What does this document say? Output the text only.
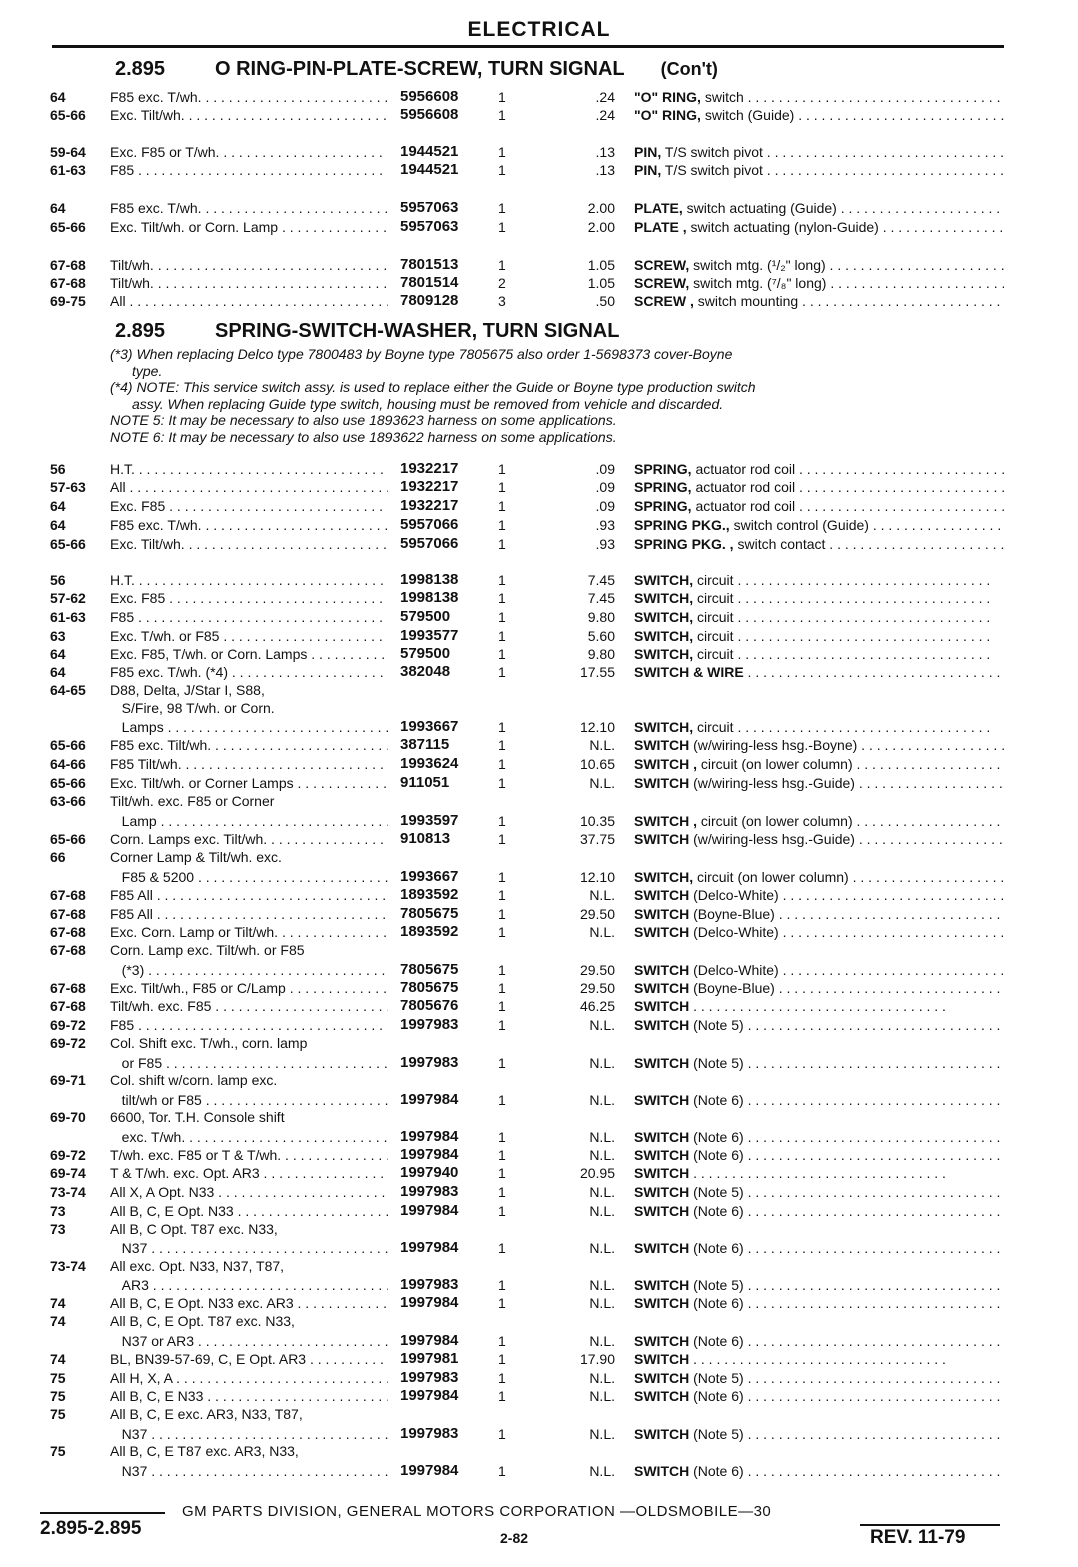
ELECTRICAL
2.895 O RING-PIN-PLATE-SCREW, TURN SIGNAL (Con't)
2.895 SPRING-SWITCH-WASHER, TURN SIGNAL
(*3) When replacing Delco type 7800483 by Boyne type 7805675 also order 1-5698373 cover-Boyne
type.
(*4) NOTE: This service switch assy. is used to replace either the Guide or Boyne type production switch
assy. When replacing Guide type switch, housing must be removed from vehicle and discarded.
NOTE 5: It may be necessary to also use 1893623 harness on some applications.
NOTE 6: It may be necessary to also use 1893622 harness on some applications.
64	F85 exc. T/wh. . . .	5956608	1	.24 "O" RING, switch . . .
65-66	Exc. Tilt/wh. . . .	5956608	1	.24 "O" RING, switch (Guide) . . .
59-64	Exc. F85 or T/wh. . . .	1944521	1	.13 PIN, T/S switch pivot . . .
61-63	F85 . . .	1944521	1	.13 PIN, T/S switch pivot . . .
64	F85 exc. T/wh. . . .	5957063	1	2.00 PLATE, switch actuating (Guide) . . .
65-66	Exc. Tilt/wh. or Corn. Lamp . . .	5957063	1	2.00 PLATE , switch actuating (nylon-Guide) . . .
67-68	Tilt/wh. . . .	7801513	1	1.05 SCREW, switch mtg. (¹/₂" long) . . .
67-68	Tilt/wh. . . .	7801514	2	1.05 SCREW, switch mtg. (⁷/₈" long) . . .
69-75	All . . .	7809128	3	.50 SCREW , switch mounting . . .
56	H.T. . . .	1932217	1	.09 SPRING, actuator rod coil . . .
57-63	All . . .	1932217	1	.09 SPRING, actuator rod coil . . .
64	Exc. F85 . . .	1932217	1	.09 SPRING, actuator rod coil . . .
64	F85 exc. T/wh. . . .	5957066	1	.93 SPRING PKG., switch control (Guide) . . .
65-66	Exc. Tilt/wh. . . .	5957066	1	.93 SPRING PKG. , switch contact . . .
56	H.T. . . .	1998138	1	7.45 SWITCH, circuit . . .
57-62	Exc. F85 . . .	1998138	1	7.45 SWITCH, circuit . . .
61-63	F85 . . .	579500	1	9.80 SWITCH, circuit . . .
63	Exc. T/wh. or F85 . . .	1993577	1	5.60 SWITCH, circuit . . .
64	Exc. F85, T/wh. or Corn. Lamps . . .	579500	1	9.80 SWITCH, circuit . . .
64	F85 exc. T/wh. (*4) . . .	382048	1	17.55 SWITCH & WIRE . . .
64-65	D88, Delta, J/Star I, S88,
S/Fire, 98 T/wh. or Corn.
Lamps . . .	1993667	1	12.10 SWITCH, circuit . . .
65-66	F85 exc. Tilt/wh. . . .	387115	1	N.L. SWITCH (w/wiring-less hsg.-Boyne) . . .
64-66	F85 Tilt/wh. . . .	1993624	1	10.65 SWITCH , circuit (on lower column) . . .
65-66	Exc. Tilt/wh. or Corner Lamps . . .	911051	1	N.L. SWITCH (w/wiring-less hsg.-Guide) . . .
63-66	Tilt/wh. exc. F85 or Corner
Lamp . . .	1993597	1	10.35 SWITCH , circuit (on lower column) . . .
65-66	Corn. Lamps exc. Tilt/wh. . . .	910813	1	37.75 SWITCH (w/wiring-less hsg.-Guide) . . .
66	Corner Lamp & Tilt/wh. exc.
F85 & 5200 . . .	1993667	1	12.10 SWITCH, circuit (on lower column) . . .
67-68	F85 All . . .	1893592	1	N.L. SWITCH (Delco-White) . . .
67-68	F85 All . . .	7805675	1	29.50 SWITCH (Boyne-Blue) . . .
67-68	Exc. Corn. Lamp or Tilt/wh. . . .	1893592	1	N.L. SWITCH (Delco-White) . . .
67-68	Corn. Lamp exc. Tilt/wh. or F85
(*3) . . .	7805675	1	29.50 SWITCH (Delco-White) . . .
67-68	Exc. Tilt/wh., F85 or C/Lamp . . .	7805675	1	29.50 SWITCH (Boyne-Blue) . . .
67-68	Tilt/wh. exc. F85 . . .	7805676	1	46.25 SWITCH . . .
69-72	F85 . . .	1997983	1	N.L. SWITCH (Note 5) . . .
69-72	Col. Shift exc. T/wh., corn. lamp
or F85 . . .	1997983	1	N.L. SWITCH (Note 5) . . .
69-71	Col. shift w/corn. lamp exc.
tilt/wh or F85 . . .	1997984	1	N.L. SWITCH (Note 6) . . .
69-70	6600, Tor. T.H. Console shift
exc. T/wh. . . .	1997984	1	N.L. SWITCH (Note 6) . . .
69-72	T/wh. exc. F85 or T & T/wh. . . .	1997984	1	N.L. SWITCH (Note 6) . . .
69-74	T & T/wh. exc. Opt. AR3 . . .	1997940	1	20.95 SWITCH . . .
73-74	All X, A Opt. N33 . . .	1997983	1	N.L. SWITCH (Note 5) . . .
73	All B, C, E Opt. N33 . . .	1997984	1	N.L. SWITCH (Note 6) . . .
73	All B, C Opt. T87 exc. N33,
N37 . . .	1997984	1	N.L. SWITCH (Note 6) . . .
73-74	All exc. Opt. N33, N37, T87,
AR3 . . .	1997983	1	N.L. SWITCH (Note 5) . . .
74	All B, C, E Opt. N33 exc. AR3 . . .	1997984	1	N.L. SWITCH (Note 6) . . .
74	All B, C, E Opt. T87 exc. N33,
N37 or AR3 . . .	1997984	1	N.L. SWITCH (Note 6) . . .
74	BL, BN39-57-69, C, E Opt. AR3 . . .	1997981	1	17.90 SWITCH . . .
75	All H, X, A . . .	1997983	1	N.L. SWITCH (Note 5) . . .
75	All B, C, E N33 . . .	1997984	1	N.L. SWITCH (Note 6) . . .
75	All B, C, E exc. AR3, N33, T87,
N37 . . .	1997983	1	N.L. SWITCH (Note 5) . . .
75	All B, C, E T87 exc. AR3, N33,
N37 . . .	1997984	1	N.L. SWITCH (Note 6) . . .
2.895-2.895
GM PARTS DIVISION, GENERAL MOTORS CORPORATION —OLDSMOBILE—30
2-82	REV. 11-79
